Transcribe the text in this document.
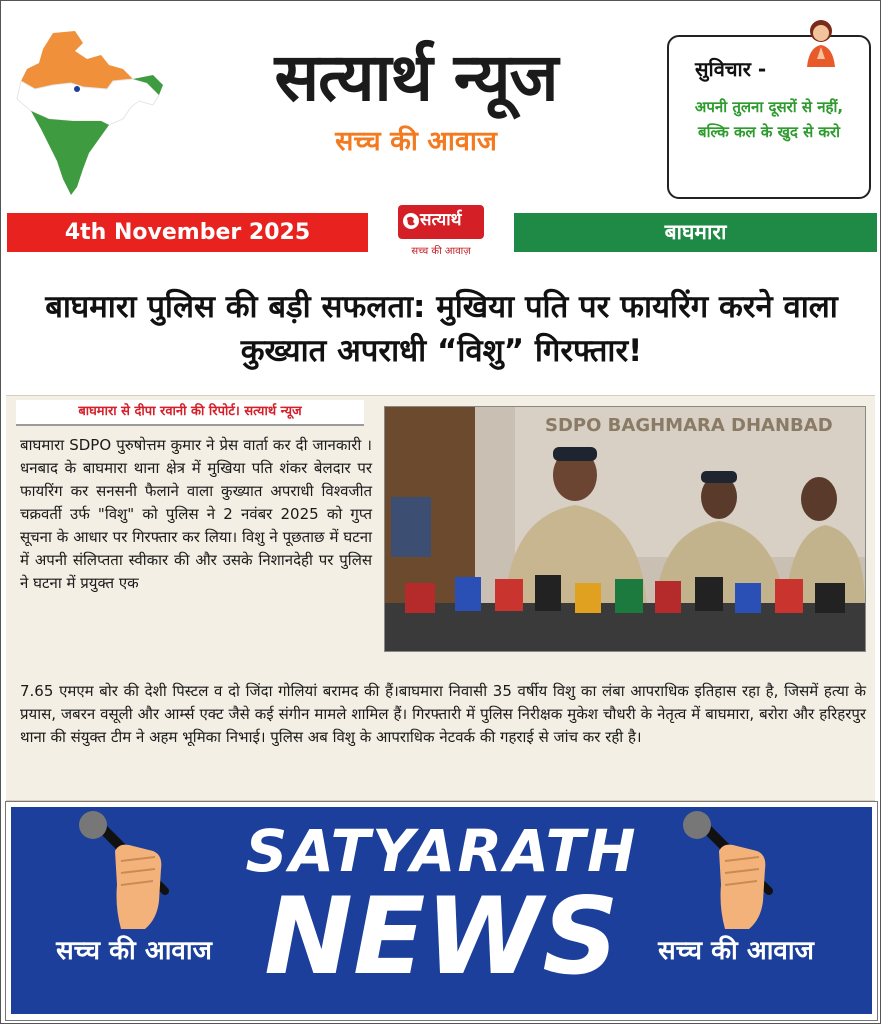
सत्यार्थ न्यूज
सच्च की आवाज
सुविचार -
अपनी तुलना दूसरों से नहीं, बल्कि कल के खुद से करो
4th November 2025	सत्यार्थ
सच्च की आवाज़
बाघमारा
बाघमारा पुलिस की बड़ी सफलता: मुखिया पति पर फायरिंग करने वाला कुख्यात अपराधी “विशु” गिरफ्तार!
बाघमारा से दीपा रवानी की रिपोर्ट। सत्यार्थ न्यूज
SDPO BAGHMARA DHANBAD
बाघमारा SDPO पुरुषोत्तम कुमार ने प्रेस वार्ता कर दी जानकारी ।धनबाद के बाघमारा थाना क्षेत्र में मुखिया पति शंकर बेलदार पर फायरिंग कर सनसनी फैलाने वाला कुख्यात अपराधी विश्वजीत चक्रवर्ती उर्फ "विशु" को पुलिस ने 2 नवंबर 2025 को गुप्त सूचना के आधार पर गिरफ्तार कर लिया। विशु ने पूछताछ में घटना में अपनी संलिप्तता स्वीकार की और उसके निशानदेही पर पुलिस ने घटना में प्रयुक्त एक
7.65 एमएम बोर की देशी पिस्टल व दो जिंदा गोलियां बरामद की हैं।बाघमारा निवासी 35 वर्षीय विशु का लंबा आपराधिक इतिहास रहा है, जिसमें हत्या के प्रयास, जबरन वसूली और आर्म्स एक्ट जैसे कई संगीन मामले शामिल हैं। गिरफ्तारी में पुलिस निरीक्षक मुकेश चौधरी के नेतृत्व में बाघमारा, बरोरा और हरिहरपुर थाना की संयुक्त टीम ने अहम भूमिका निभाई। पुलिस अब विशु के आपराधिक नेटवर्क की गहराई से जांच कर रही है।
SATYARATH
NEWS
सच्च की आवाज	सच्च की आवाज
